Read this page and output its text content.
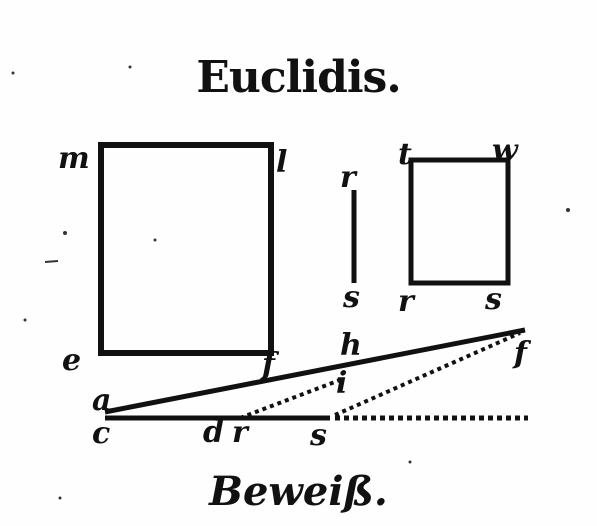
Euclidis.
m	l
e	f
r
s
t	w
r s
h
i
f
a
c	d r s
Beweiß.
